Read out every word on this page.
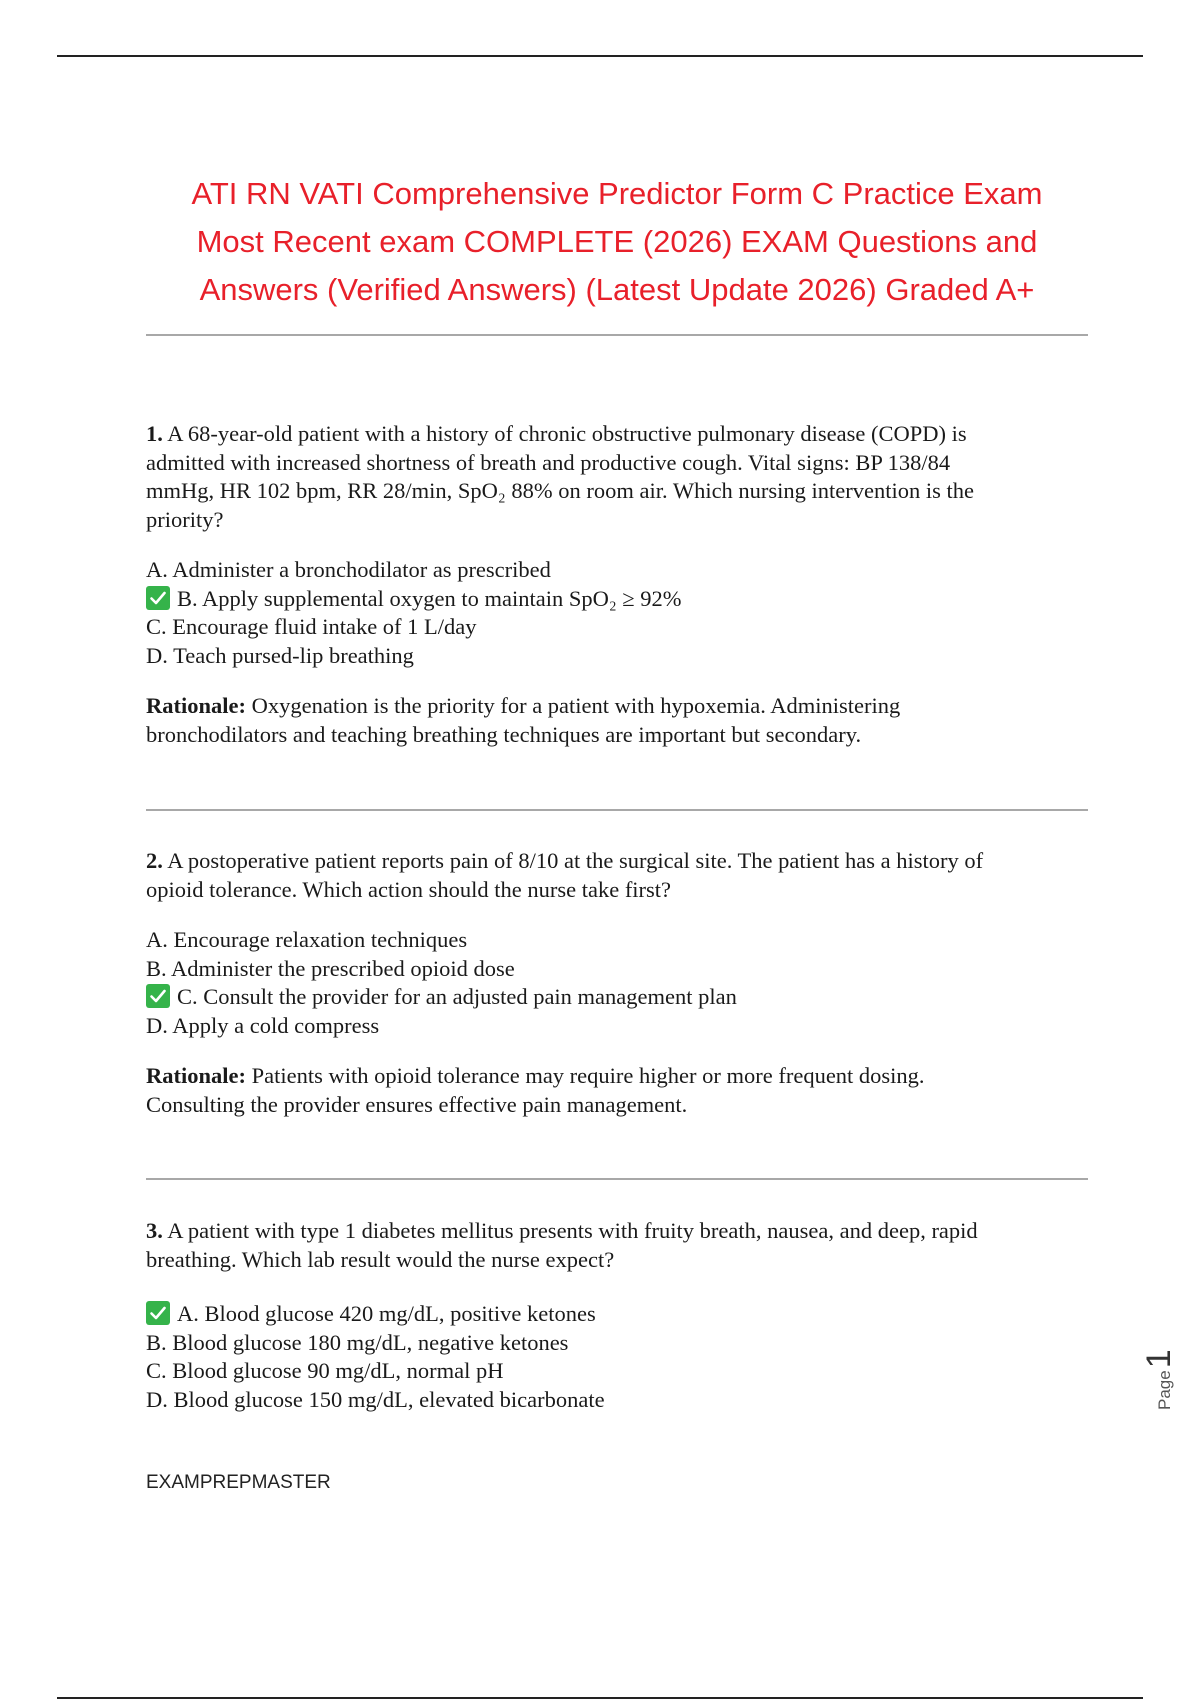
ATI RN VATI Comprehensive Predictor Form C Practice Exam
Most Recent exam COMPLETE (2026) EXAM Questions and
Answers (Verified Answers) (Latest Update 2026) Graded A+
1. A 68-year-old patient with a history of chronic obstructive pulmonary disease (COPD) is
admitted with increased shortness of breath and productive cough. Vital signs: BP 138/84
mmHg, HR 102 bpm, RR 28/min, SpO₂ 88% on room air. Which nursing intervention is the
priority?
A. Administer a bronchodilator as prescribed
B. Apply supplemental oxygen to maintain SpO₂ ≥ 92%
C. Encourage fluid intake of 1 L/day
D. Teach pursed-lip breathing
Rationale: Oxygenation is the priority for a patient with hypoxemia. Administering
bronchodilators and teaching breathing techniques are important but secondary.
2. A postoperative patient reports pain of 8/10 at the surgical site. The patient has a history of
opioid tolerance. Which action should the nurse take first?
A. Encourage relaxation techniques
B. Administer the prescribed opioid dose
C. Consult the provider for an adjusted pain management plan
D. Apply a cold compress
Rationale: Patients with opioid tolerance may require higher or more frequent dosing.
Consulting the provider ensures effective pain management.
3. A patient with type 1 diabetes mellitus presents with fruity breath, nausea, and deep, rapid
breathing. Which lab result would the nurse expect?
A. Blood glucose 420 mg/dL, positive ketones
B. Blood glucose 180 mg/dL, negative ketones
C. Blood glucose 90 mg/dL, normal pH
D. Blood glucose 150 mg/dL, elevated bicarbonate
EXAMPREPMASTER
Page1
